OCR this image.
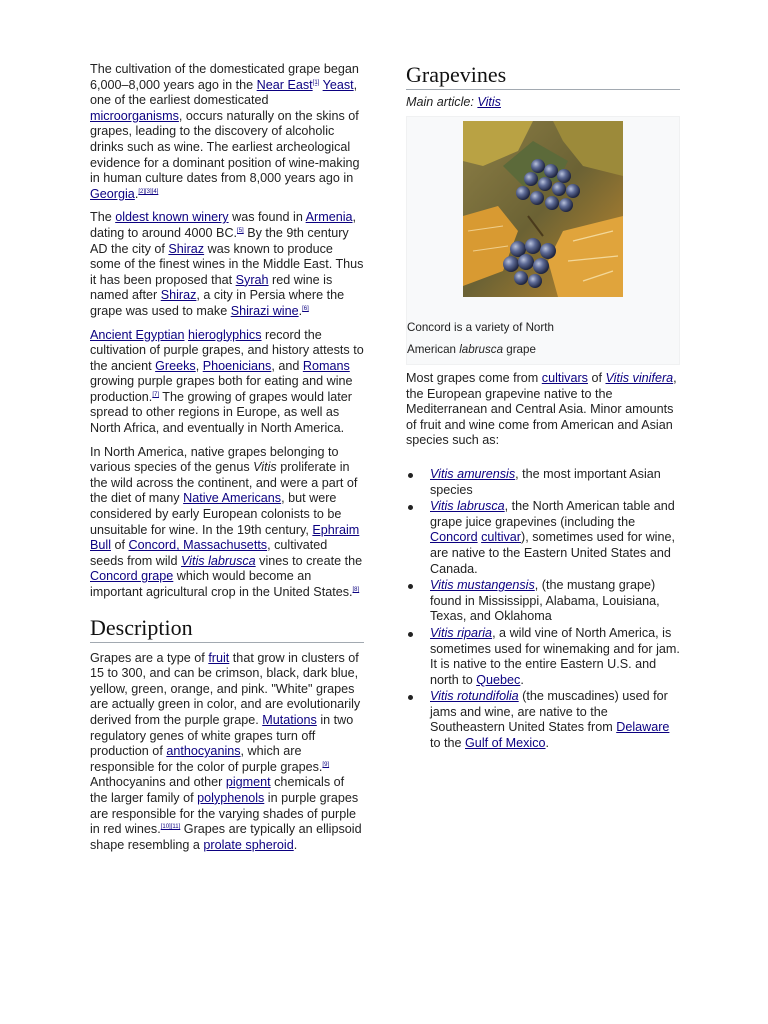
The cultivation of the domesticated grape began 6,000–8,000 years ago in the Near East[1] Yeast, one of the earliest domesticated microorganisms, occurs naturally on the skins of grapes, leading to the discovery of alcoholic drinks such as wine. The earliest archeological evidence for a dominant position of wine-making in human culture dates from 8,000 years ago in Georgia.[2][3][4]

The oldest known winery was found in Armenia, dating to around 4000 BC.[5] By the 9th century AD the city of Shiraz was known to produce some of the finest wines in the Middle East. Thus it has been proposed that Syrah red wine is named after Shiraz, a city in Persia where the grape was used to make Shirazi wine.[6]

Ancient Egyptian hieroglyphics record the cultivation of purple grapes, and history attests to the ancient Greeks, Phoenicians, and Romans growing purple grapes both for eating and wine production.[7] The growing of grapes would later spread to other regions in Europe, as well as North Africa, and eventually in North America.

In North America, native grapes belonging to various species of the genus Vitis proliferate in the wild across the continent, and were a part of the diet of many Native Americans, but were considered by early European colonists to be unsuitable for wine. In the 19th century, Ephraim Bull of Concord, Massachusetts, cultivated seeds from wild Vitis labrusca vines to create the Concord grape which would become an important agricultural crop in the United States.[8]

Description

Grapes are a type of fruit that grow in clusters of 15 to 300, and can be crimson, black, dark blue, yellow, green, orange, and pink. "White" grapes are actually green in color, and are evolutionarily derived from the purple grape. Mutations in two regulatory genes of white grapes turn off production of anthocyanins, which are responsible for the color of purple grapes.[9] Anthocyanins and other pigment chemicals of the larger family of polyphenols in purple grapes are responsible for the varying shades of purple in red wines.[10][11] Grapes are typically an ellipsoid shape resembling a prolate spheroid.

Grapevines
Main article: Vitis

Concord is a variety of North
American labrusca grape

Most grapes come from cultivars of Vitis vinifera, the European grapevine native to the Mediterranean and Central Asia. Minor amounts of fruit and wine come from American and Asian species such as:

Vitis amurensis, the most important Asian species
Vitis labrusca, the North American table and grape juice grapevines (including the Concord cultivar), sometimes used for wine, are native to the Eastern United States and Canada.
Vitis mustangensis, (the mustang grape) found in Mississippi, Alabama, Louisiana, Texas, and Oklahoma
Vitis riparia, a wild vine of North America, is sometimes used for winemaking and for jam. It is native to the entire Eastern U.S. and north to Quebec.
Vitis rotundifolia (the muscadines) used for jams and wine, are native to the Southeastern United States from Delaware to the Gulf of Mexico.
